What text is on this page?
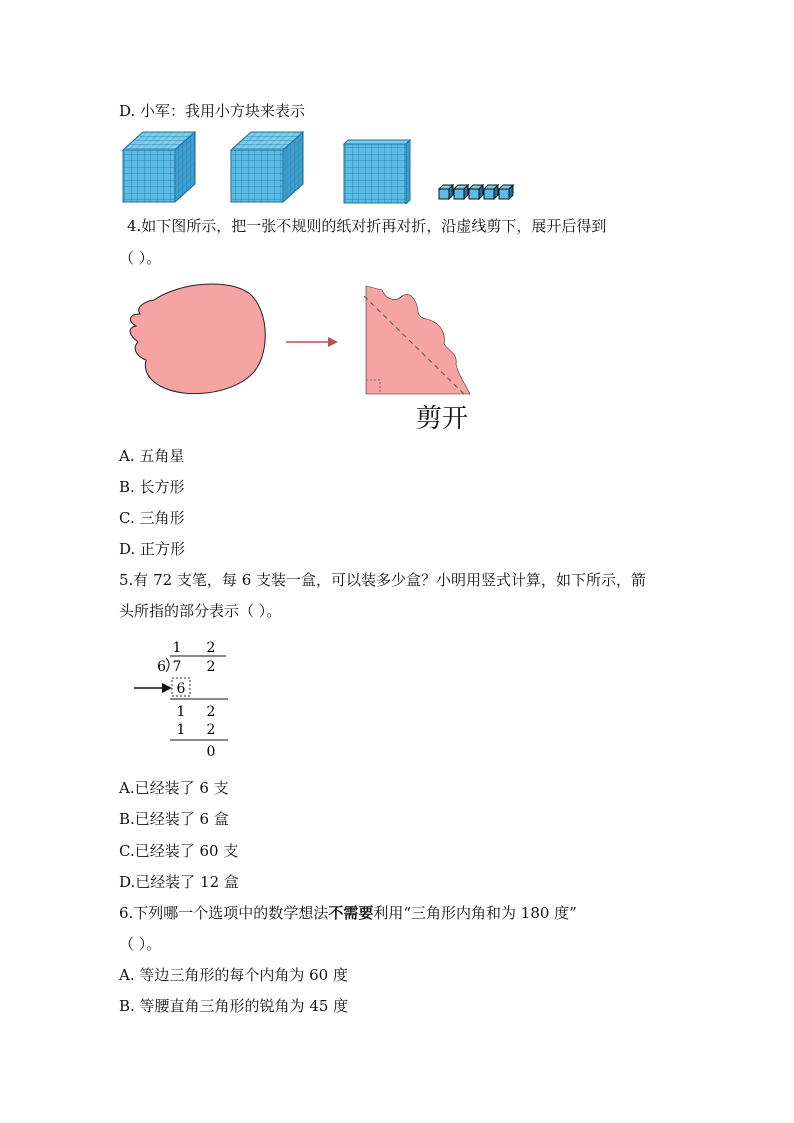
D. 小军：我用小方块来表示
4.如下图所示，把一张不规则的纸对折再对折，沿虚线剪下，展开后得到
（ ）。
剪开
A. 五角星
B. 长方形
C. 三角形
D. 正方形
5.有 72 支笔，每 6 支装一盒，可以装多少盒？小明用竖式计算，如下所示，箭
头所指的部分表示（ ）。
1 2
6 7 2
6
1 2
1 2
0
A.已经装了 6 支
B.已经装了 6 盒
C.已经装了 60 支
D.已经装了 12 盒
6.下列哪一个选项中的数学想法不需要利用“三角形内角和为 180 度”
（ ）。
A. 等边三角形的每个内角为 60 度
B. 等腰直角三角形的锐角为 45 度
